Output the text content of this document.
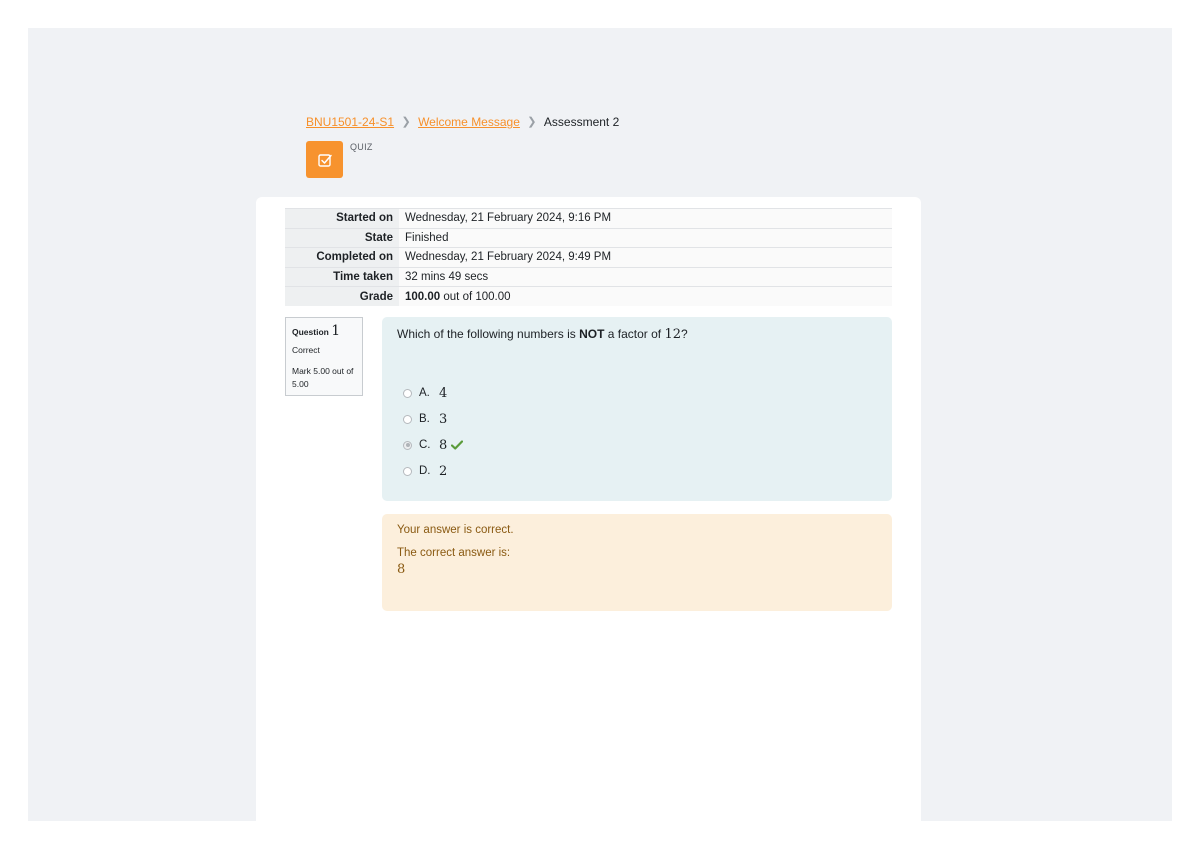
BNU1501-24-S1 ❯ Welcome Message ❯ Assessment 2
QUIZ
Started on	Wednesday, 21 February 2024, 9:16 PM
State	Finished
Completed on	Wednesday, 21 February 2024, 9:49 PM
Time taken	32 mins 49 secs
Grade	100.00 out of 100.00
Question 1
Correct
Mark 5.00 out of 5.00
Which of the following numbers is NOT a factor of 12?
A. 4
B. 3
C. 8
D. 2
Your answer is correct.
The correct answer is:
8
